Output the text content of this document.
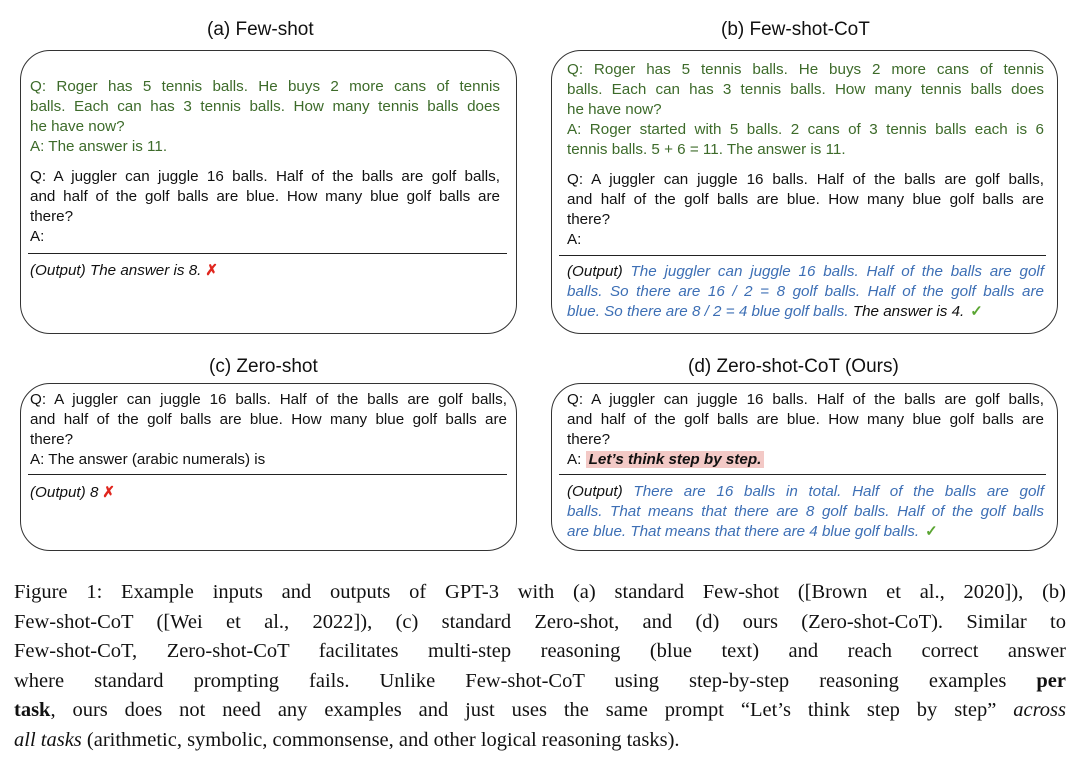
(a) Few-shot

Q: Roger has 5 tennis balls. He buys 2 more cans of tennis

balls. Each can has 3 tennis balls. How many tennis balls does

he have now?

A: The answer is 11.

Q: A juggler can juggle 16 balls. Half of the balls are golf balls,

and half of the golf balls are blue. How many blue golf balls are

there?

A:

(Output) The answer is 8. ✗

(b) Few-shot-CoT

Q: Roger has 5 tennis balls. He buys 2 more cans of tennis

balls. Each can has 3 tennis balls. How many tennis balls does

he have now?

A: Roger started with 5 balls. 2 cans of 3 tennis balls each is 6

tennis balls. 5 + 6 = 11. The answer is 11.

Q: A juggler can juggle 16 balls. Half of the balls are golf balls,

and half of the golf balls are blue. How many blue golf balls are

there?

A:

(Output) The juggler can juggle 16 balls. Half of the balls are golf

balls. So there are 16 / 2 = 8 golf balls. Half of the golf balls are

blue. So there are 8 / 2 = 4 blue golf balls. The answer is 4. ✓

(c) Zero-shot

Q: A juggler can juggle 16 balls. Half of the balls are golf balls,

and half of the golf balls are blue. How many blue golf balls are

there?

A: The answer (arabic numerals) is

(Output) 8 ✗

(d) Zero-shot-CoT (Ours)

Q: A juggler can juggle 16 balls. Half of the balls are golf balls,

and half of the golf balls are blue. How many blue golf balls are

there?

A: Let’s think step by step.

(Output) There are 16 balls in total. Half of the balls are golf

balls. That means that there are 8 golf balls. Half of the golf balls

are blue. That means that there are 4 blue golf balls. ✓

Figure 1: Example inputs and outputs of GPT-3 with (a) standard Few-shot ([Brown et al., 2020]), (b)
Few-shot-CoT ([Wei et al., 2022]), (c) standard Zero-shot, and (d) ours (Zero-shot-CoT). Similar to
Few-shot-CoT, Zero-shot-CoT facilitates multi-step reasoning (blue text) and reach correct answer
where standard prompting fails. Unlike Few-shot-CoT using step-by-step reasoning examples per
task, ours does not need any examples and just uses the same prompt “Let’s think step by step” across
all tasks (arithmetic, symbolic, commonsense, and other logical reasoning tasks).
